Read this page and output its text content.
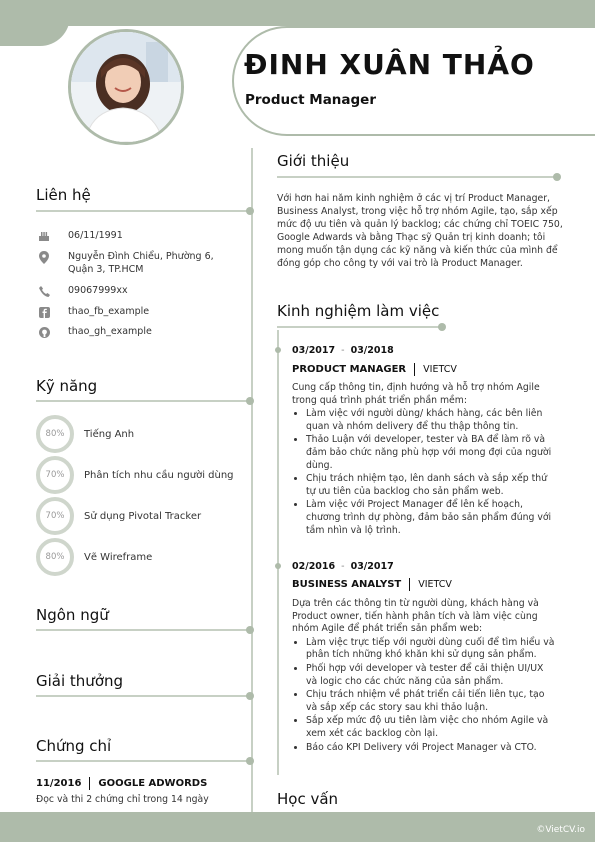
ĐINH XUÂN THẢO
Product Manager
Liên hệ
06/11/1991
Nguyễn Đình Chiểu, Phường 6, Quận 3, TP.HCM
09067999xx
thao_fb_example
thao_gh_example
Kỹ năng
80%	Tiếng Anh
70%	Phân tích nhu cầu người dùng
70%	Sử dụng Pivotal Tracker
80%	Vẽ Wireframe
Ngôn ngữ
Giải thưởng
Chứng chỉ
11/2016 GOOGLE ADWORDS
Đọc và thi 2 chứng chỉ trong 14 ngày
Giới thiệu
Với hơn hai năm kinh nghiệm ở các vị trí Product Manager, Business Analyst, trong việc hỗ trợ nhóm Agile, tạo, sắp xếp mức độ ưu tiên và quản lý backlog; các chứng chỉ TOEIC 750, Google Adwards và bằng Thạc sỹ Quản trị kinh doanh; tôi mong muốn tận dụng các kỹ năng và kiến thức của mình để đóng góp cho công ty với vai trò là Product Manager.
Kinh nghiệm làm việc
03/2017 - 03/2018
PRODUCT MANAGER VIETCV
Cung cấp thông tin, định hướng và hỗ trợ nhóm Agile trong quá trình phát triển phần mềm:
• Làm việc với người dùng/ khách hàng, các bên liên quan và nhóm delivery để thu thập thông tin.
• Thảo Luận với developer, tester và BA để làm rõ và đảm bảo chức năng phù hợp với mong đợi của người dùng.
• Chịu trách nhiệm tạo, lên danh sách và sắp xếp thứ tự ưu tiên của backlog cho sản phẩm web.
• Làm việc với Project Manager để lên kế hoạch, chương trình dự phòng, đảm bảo sản phẩm đúng với tầm nhìn và lộ trình.
02/2016 - 03/2017
BUSINESS ANALYST VIETCV
Dựa trên các thông tin từ người dùng, khách hàng và Product owner, tiến hành phân tích và làm việc cùng nhóm Agile để phát triển sản phẩm web:
• Làm việc trực tiếp với người dùng cuối để tìm hiểu và phân tích những khó khăn khi sử dụng sản phẩm.
• Phối hợp với developer và tester để cải thiện UI/UX và logic cho các chức năng của sản phẩm.
• Chịu trách nhiệm về phát triển cải tiến liên tục, tạo và sắp xếp các story sau khi thảo luận.
• Sắp xếp mức độ ưu tiên làm việc cho nhóm Agile và xem xét các backlog còn lại.
• Báo cáo KPI Delivery với Project Manager và CTO.
Học vấn
©VietCV.io
